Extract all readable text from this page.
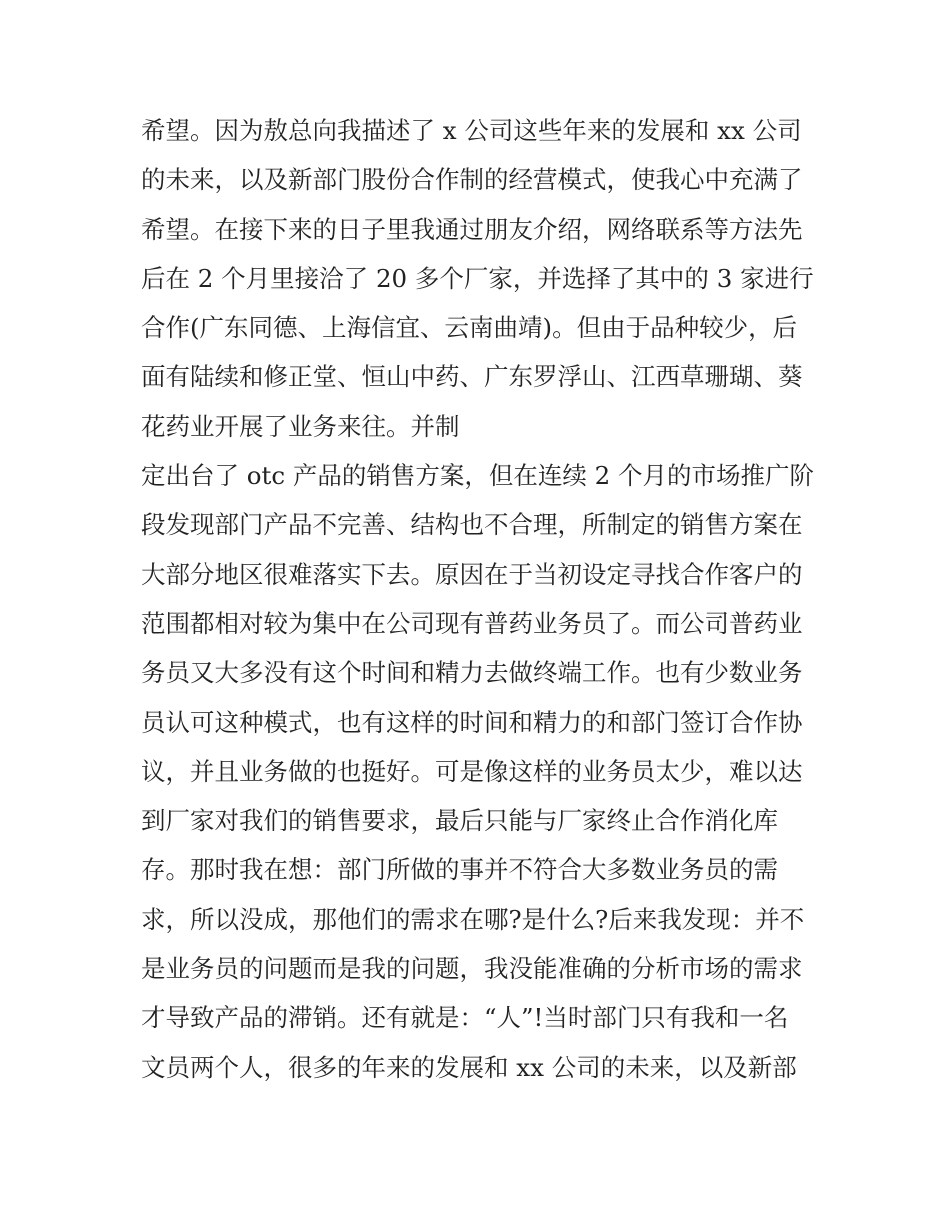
希望。因为敖总向我描述了 x 公司这些年来的发展和 xx 公司
的未来，以及新部门股份合作制的经营模式，使我心中充满了
希望。在接下来的日子里我通过朋友介绍，网络联系等方法先
后在 2 个月里接洽了 20 多个厂家，并选择了其中的 3 家进行
合作(广东同德、上海信宜、云南曲靖)。但由于品种较少，后
面有陆续和修正堂、恒山中药、广东罗浮山、江西草珊瑚、葵
花药业开展了业务来往。并制
定出台了 otc 产品的销售方案，但在连续 2 个月的市场推广阶
段发现部门产品不完善、结构也不合理，所制定的销售方案在
大部分地区很难落实下去。原因在于当初设定寻找合作客户的
范围都相对较为集中在公司现有普药业务员了。而公司普药业
务员又大多没有这个时间和精力去做终端工作。也有少数业务
员认可这种模式，也有这样的时间和精力的和部门签订合作协
议，并且业务做的也挺好。可是像这样的业务员太少，难以达
到厂家对我们的销售要求，最后只能与厂家终止合作消化库
存。那时我在想：部门所做的事并不符合大多数业务员的需
求，所以没成，那他们的需求在哪?是什么?后来我发现：并不
是业务员的问题而是我的问题，我没能准确的分析市场的需求
才导致产品的滞销。还有就是：“人”!当时部门只有我和一名
文员两个人，很多的年来的发展和 xx 公司的未来，以及新部
